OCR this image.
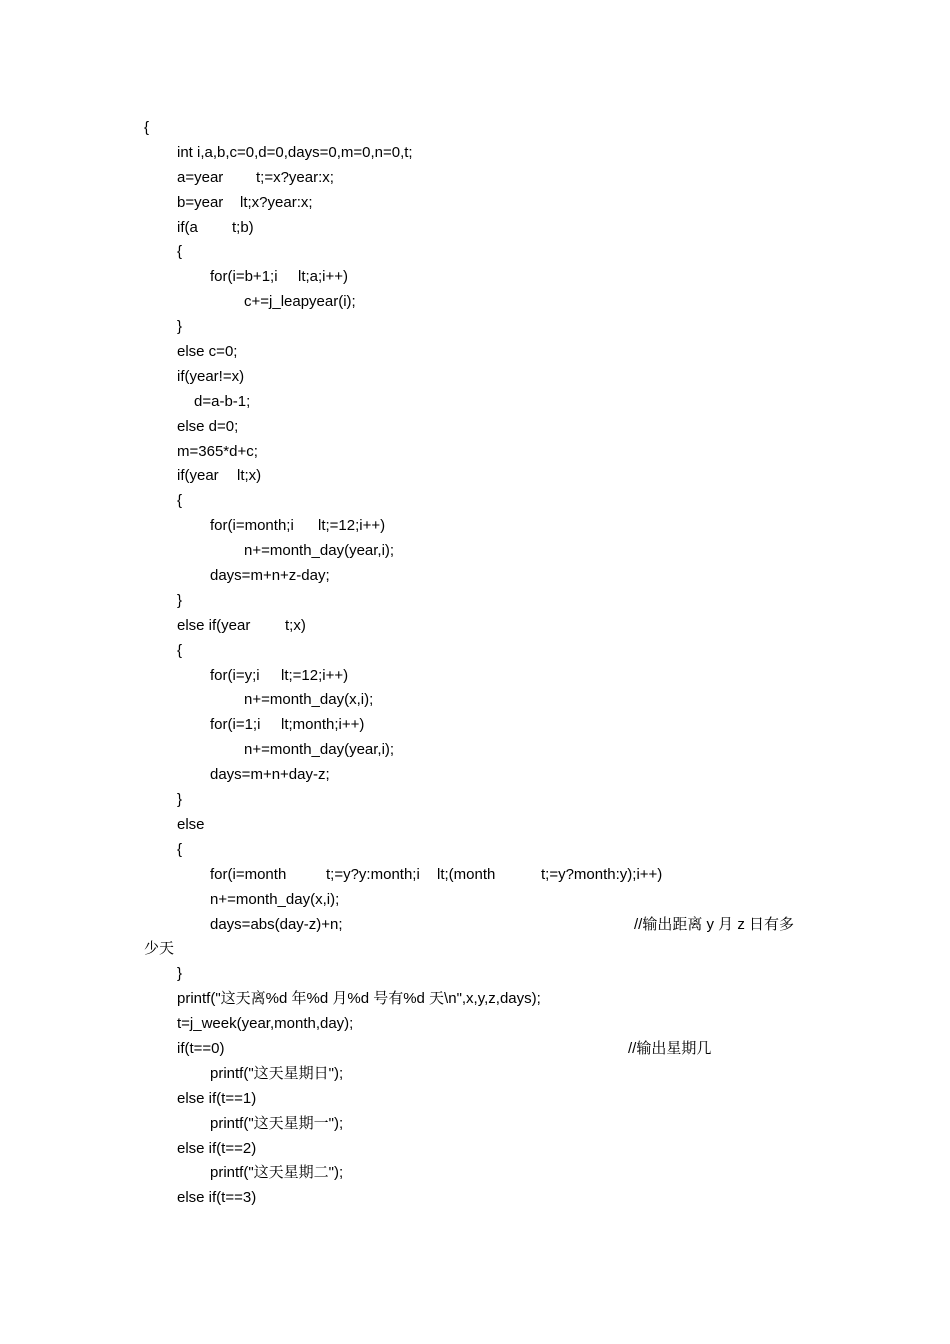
{
int i,a,b,c=0,d=0,days=0,m=0,n=0,t;
a=year t;=x?year:x;
b=year lt;x?year:x;
if(a t;b)
{
for(i=b+1;i lt;a;i++)
c+=j_leapyear(i);
}
else c=0;
if(year!=x)
d=a-b-1;
else d=0;
m=365*d+c;
if(year lt;x)
{
for(i=month;i lt;=12;i++)
n+=month_day(year,i);
days=m+n+z-day;
}
else if(year t;x)
{
for(i=y;i lt;=12;i++)
n+=month_day(x,i);
for(i=1;i lt;month;i++)
n+=month_day(year,i);
days=m+n+day-z;
}
else
{
for(i=month	t;=y?y:month;i lt;(month	t;=y?month:y);i++)
n+=month_day(x,i);
days=abs(day-z)+n;	//输出距离 y 月 z 日有多
少天
}
printf("这天离%d 年%d 月%d 号有%d 天\n",x,y,z,days);
t=j_week(year,month,day);
if(t==0)	//输出星期几
printf("这天星期日");
else if(t==1)
printf("这天星期一");
else if(t==2)
printf("这天星期二");
else if(t==3)
